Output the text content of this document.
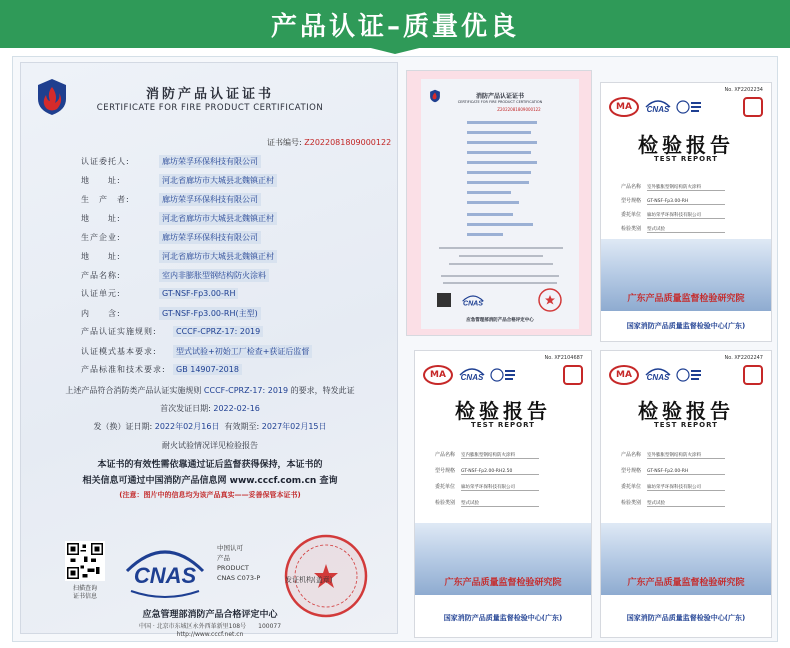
产品认证–质量优良
消防产品认证证书
CERTIFICATE FOR FIRE PRODUCT CERTIFICATION
证书编号: Z2022081809000122
认证委托人:	廊坊荣孚环保科技有限公司
地　　址:	河北省廊坊市大城县北魏镇正村
生　产　者:	廊坊荣孚环保科技有限公司
地　　址:	河北省廊坊市大城县北魏镇正村
生产企业:	廊坊荣孚环保科技有限公司
地　　址:	河北省廊坊市大城县北魏镇正村
产品名称:	室内非膨胀型钢结构防火涂料
认证单元:	GT-NSF-Fp3.00-RH
内　　含:	GT-NSF-Fp3.00-RH(主型)
产品认证实施规则: CCCF-CPRZ-17: 2019
认证模式基本要求: 型式试验+初始工厂检查+获证后监督
产品标准和技术要求: GB 14907-2018
上述产品符合消防类产品认证实施规则 CCCF-CPRZ-17: 2019 的要求，特发此证
首次发证日期: 2022-02-16
发（换）证日期: 2022年02月16日 有效期至: 2027年02月15日
耐火试验情况详见检验报告
本证书的有效性需依靠通过证后监督获得保持，本证书的
相关信息可通过中国消防产品信息网 www.cccf.com.cn 查询
(注意：图片中的信息均为该产品真实——妥善保管本证书)
扫描查询
证书信息
CNAS
中国认可
产品
PRODUCT
CNAS C073-P	发证机构(盖章)
应急管理部消防产品合格评定中心
中国 · 北京市东城区永外西革新里108号　　100077
http://www.cccf.net.cn
消防产品认证证书
CERTIFICATE FOR FIRE PRODUCT CERTIFICATION
Z2022081809000122
CNAS
应急管理部消防产品合格评定中心
No. XF2202234
MA	CNAS
检验报告
TEST REPORT
产品名称 室外膨胀型钢结构防火涂料
型号规格 GT-NSF-Fp3.00-RH
委托单位 廊坊荣孚环保科技有限公司
检验类别 型式试验
广东产品质量监督检验研究院
国家消防产品质量监督检验中心(广东)
No. XF2104687
MA	CNAS
检验报告
TEST REPORT
产品名称 室内膨胀型钢结构防火涂料
型号规格 GT-NSF-Fp2.00-RH2.50
委托单位 廊坊荣孚环保科技有限公司
检验类别 型式试验
广东产品质量监督检验研究院
国家消防产品质量监督检验中心(广东)
No. XF2202247
MA	CNAS
检验报告
TEST REPORT
产品名称 室外膨胀型钢结构防火涂料
型号规格 GT-NSF-Fp2.00-RH
委托单位 廊坊荣孚环保科技有限公司
检验类别 型式试验
广东产品质量监督检验研究院
国家消防产品质量监督检验中心(广东)
